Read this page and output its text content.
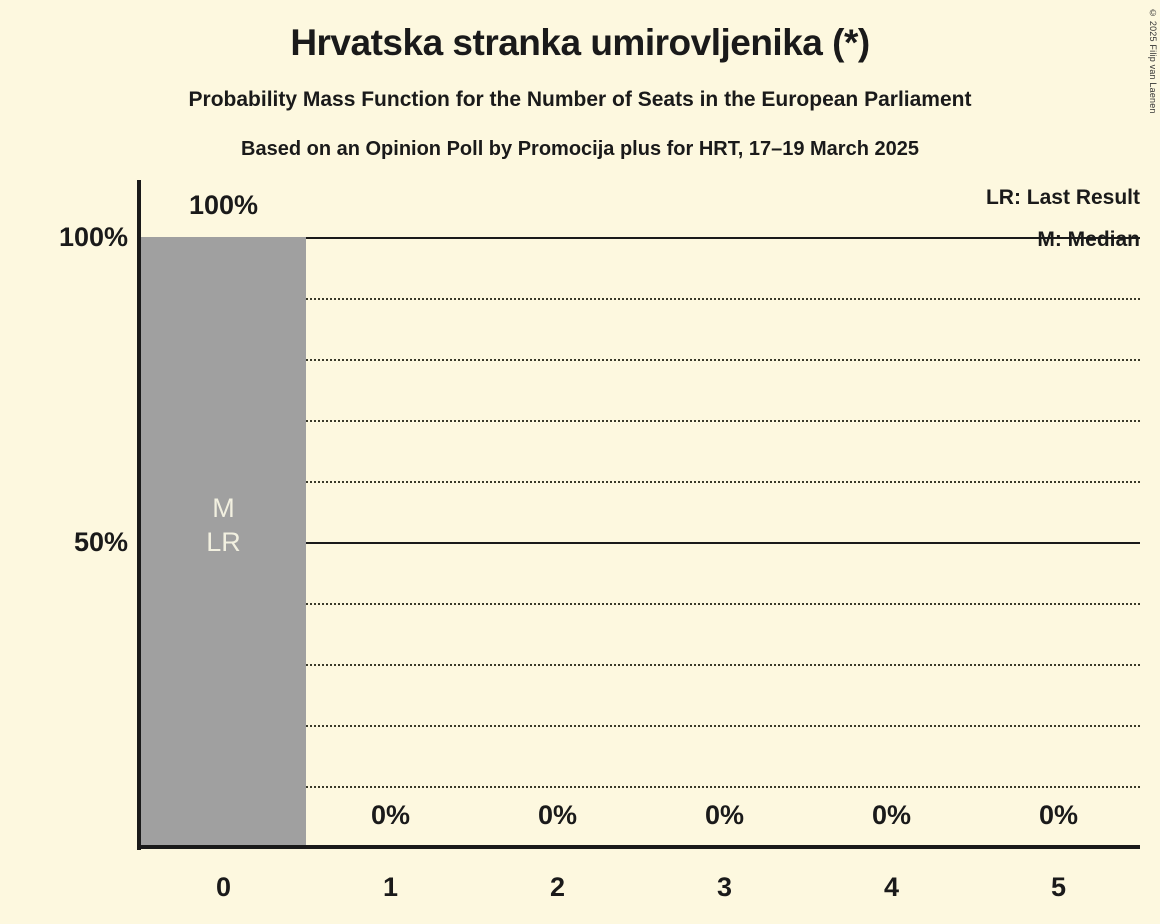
Hrvatska stranka umirovljenika (*)
Probability Mass Function for the Number of Seats in the European Parliament
Based on an Opinion Poll by Promocija plus for HRT, 17–19 March 2025
© 2025 Filip van Laenen
LR: Last Result
M: Median
100%
50%
100%
0%	0%	0%	0%	0%
M
LR
0	1	2	3	4	5
